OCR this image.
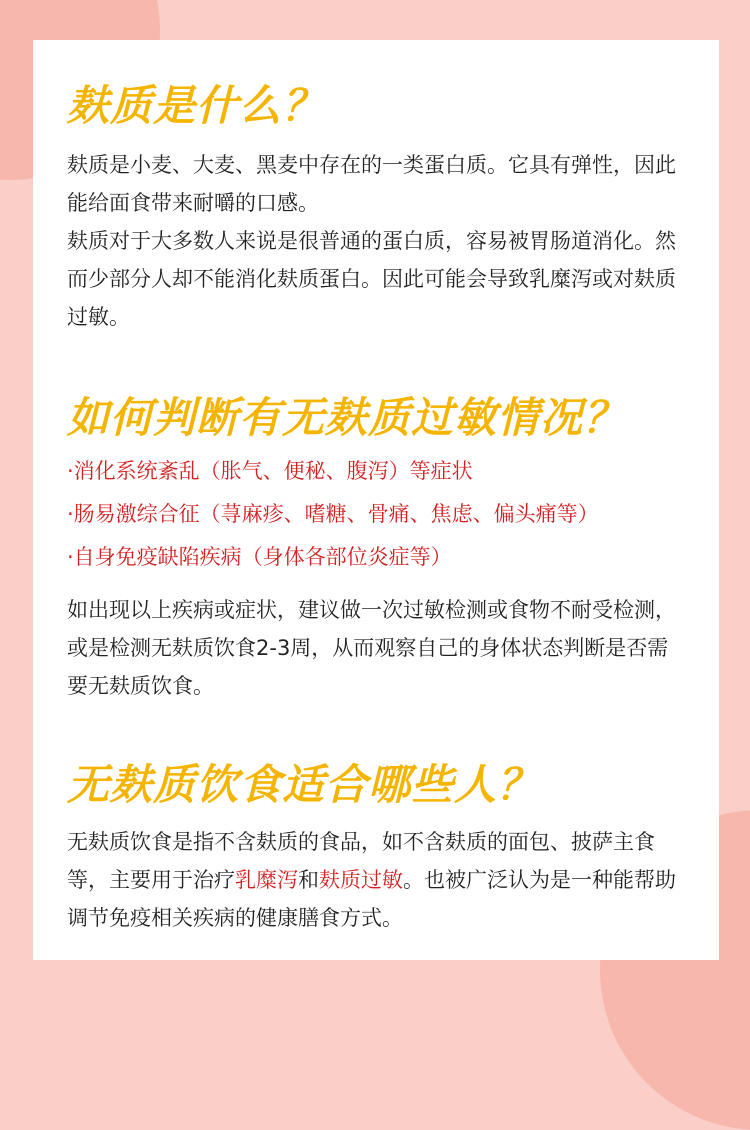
麸质是什么？

麸质是小麦、大麦、黑麦中存在的一类蛋白质。它具有弹性，因此能给面食带来耐嚼的口感。

麸质对于大多数人来说是很普通的蛋白质，容易被胃肠道消化。然而少部分人却不能消化麸质蛋白。因此可能会导致乳糜泻或对麸质过敏。

如何判断有无麸质过敏情况？
·消化系统紊乱（胀气、便秘、腹泻）等症状
·肠易激综合征（荨麻疹、嗜糖、骨痛、焦虑、偏头痛等）
·自身免疫缺陷疾病（身体各部位炎症等）

如出现以上疾病或症状，建议做一次过敏检测或食物不耐受检测，或是检测无麸质饮食2-3周，从而观察自己的身体状态判断是否需要无麸质饮食。

无麸质饮食适合哪些人？

无麸质饮食是指不含麸质的食品，如不含麸质的面包、披萨主食等，主要用于治疗乳糜泻和麸质过敏。也被广泛认为是一种能帮助调节免疫相关疾病的健康膳食方式。
